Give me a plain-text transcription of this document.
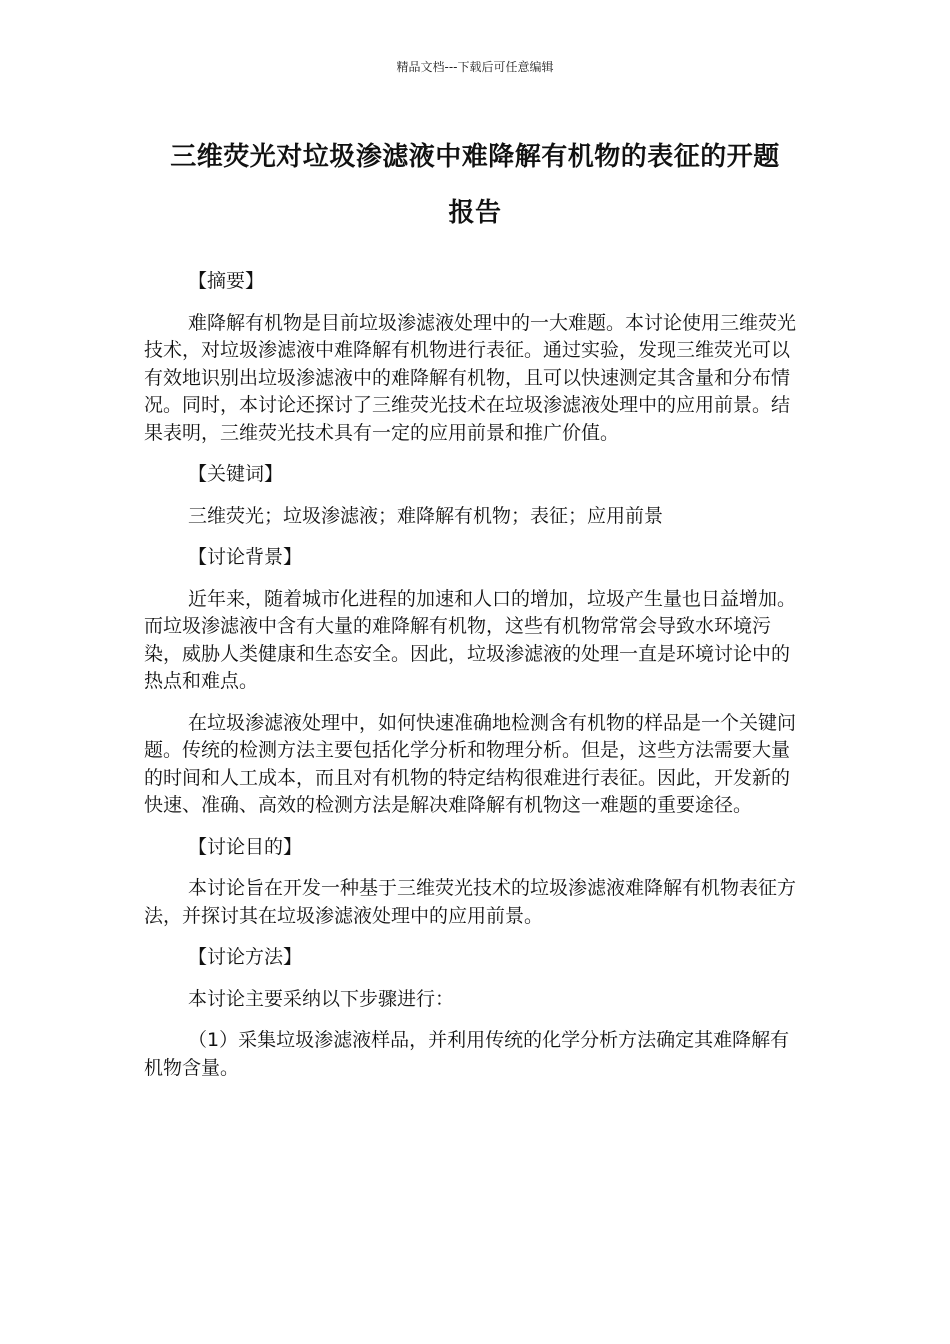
精品文档---下载后可任意编辑
三维荧光对垃圾渗滤液中难降解有机物的表征的开题
报告

【摘要】

难降解有机物是目前垃圾渗滤液处理中的一大难题。本讨论使用三维荧光技术，对垃圾渗滤液中难降解有机物进行表征。通过实验，发现三维荧光可以有效地识别出垃圾渗滤液中的难降解有机物，且可以快速测定其含量和分布情况。同时，本讨论还探讨了三维荧光技术在垃圾渗滤液处理中的应用前景。结果表明，三维荧光技术具有一定的应用前景和推广价值。

【关键词】

三维荧光；垃圾渗滤液；难降解有机物；表征；应用前景

【讨论背景】

近年来，随着城市化进程的加速和人口的增加，垃圾产生量也日益增加。而垃圾渗滤液中含有大量的难降解有机物，这些有机物常常会导致水环境污染，威胁人类健康和生态安全。因此，垃圾渗滤液的处理一直是环境讨论中的热点和难点。

在垃圾渗滤液处理中，如何快速准确地检测含有机物的样品是一个关键问题。传统的检测方法主要包括化学分析和物理分析。但是，这些方法需要大量的时间和人工成本，而且对有机物的特定结构很难进行表征。因此，开发新的快速、准确、高效的检测方法是解决难降解有机物这一难题的重要途径。

【讨论目的】

本讨论旨在开发一种基于三维荧光技术的垃圾渗滤液难降解有机物表征方法，并探讨其在垃圾渗滤液处理中的应用前景。

【讨论方法】

本讨论主要采纳以下步骤进行：

（1）采集垃圾渗滤液样品，并利用传统的化学分析方法确定其难降解有机物含量。
